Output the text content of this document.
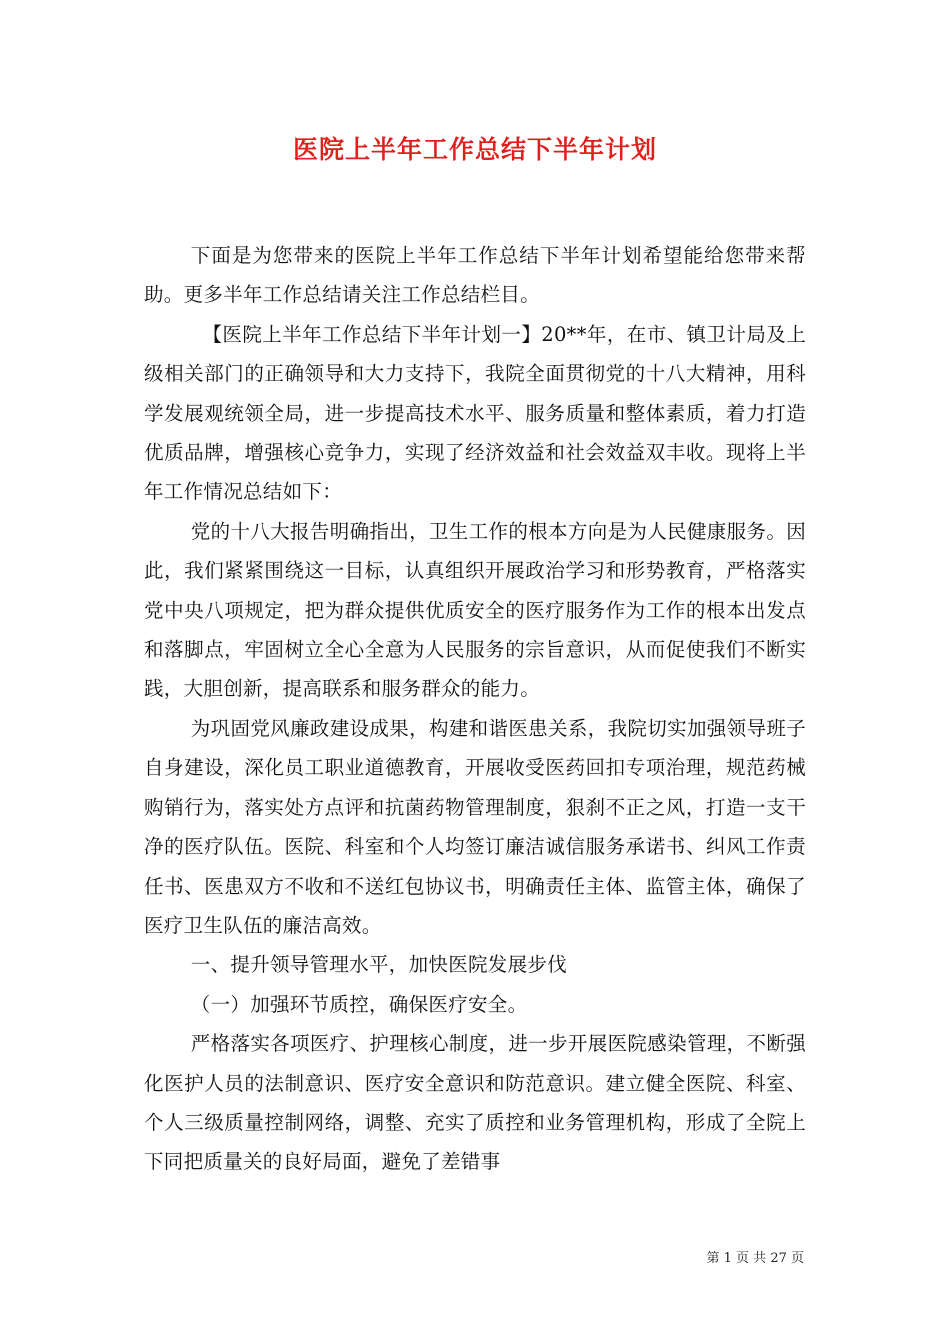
医院上半年工作总结下半年计划

下面是为您带来的医院上半年工作总结下半年计划希望能给您带来帮助。更多半年工作总结请关注工作总结栏目。

【医院上半年工作总结下半年计划一】20**年，在市、镇卫计局及上级相关部门的正确领导和大力支持下，我院全面贯彻党的十八大精神，用科学发展观统领全局，进一步提高技术水平、服务质量和整体素质，着力打造优质品牌，增强核心竞争力，实现了经济效益和社会效益双丰收。现将上半年工作情况总结如下：

党的十八大报告明确指出，卫生工作的根本方向是为人民健康服务。因此，我们紧紧围绕这一目标，认真组织开展政治学习和形势教育，严格落实党中央八项规定，把为群众提供优质安全的医疗服务作为工作的根本出发点和落脚点，牢固树立全心全意为人民服务的宗旨意识，从而促使我们不断实践，大胆创新，提高联系和服务群众的能力。

为巩固党风廉政建设成果，构建和谐医患关系，我院切实加强领导班子自身建设，深化员工职业道德教育，开展收受医药回扣专项治理，规范药械购销行为，落实处方点评和抗菌药物管理制度，狠刹不正之风，打造一支干净的医疗队伍。医院、科室和个人均签订廉洁诚信服务承诺书、纠风工作责任书、医患双方不收和不送红包协议书，明确责任主体、监管主体，确保了医疗卫生队伍的廉洁高效。

一、提升领导管理水平，加快医院发展步伐

（一）加强环节质控，确保医疗安全。

严格落实各项医疗、护理核心制度，进一步开展医院感染管理，不断强化医护人员的法制意识、医疗安全意识和防范意识。建立健全医院、科室、个人三级质量控制网络，调整、充实了质控和业务管理机构，形成了全院上下同把质量关的良好局面，避免了差错事

第 1 页 共 27 页
